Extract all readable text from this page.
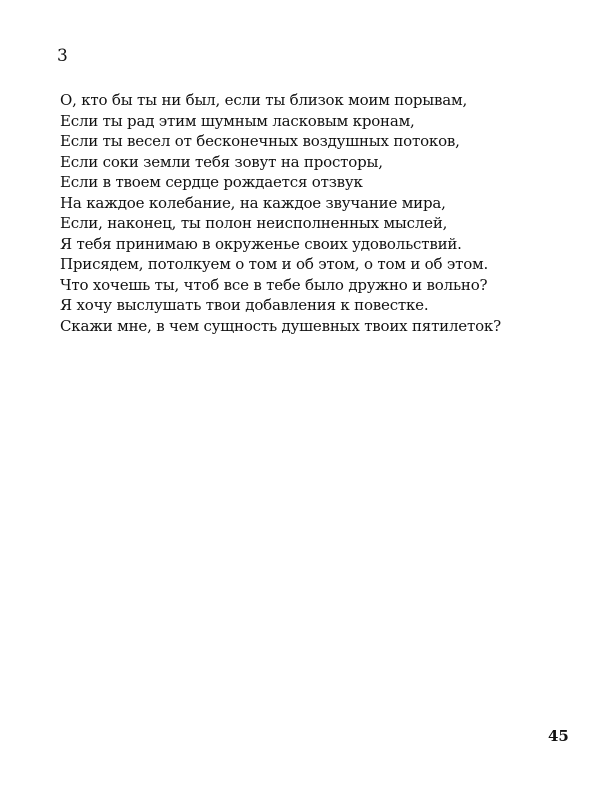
3
О, кто бы ты ни был, если ты близок моим порывам,
Если ты рад этим шумным ласковым кронам,
Если ты весел от бесконечных воздушных потоков,
Если соки земли тебя зовут на просторы,
Если в твоем сердце рождается отзвук
На каждое колебание, на каждое звучание мира,
Если, наконец, ты полон неисполненных мыслей,
Я тебя принимаю в окруженье своих удовольствий.
Присядем, потолкуем о том и об этом, о том и об этом.
Что хочешь ты, чтоб все в тебе было дружно и вольно?
Я хочу выслушать твои добавления к повестке.
Скажи мне, в чем сущность душевных твоих пятилеток?
45
